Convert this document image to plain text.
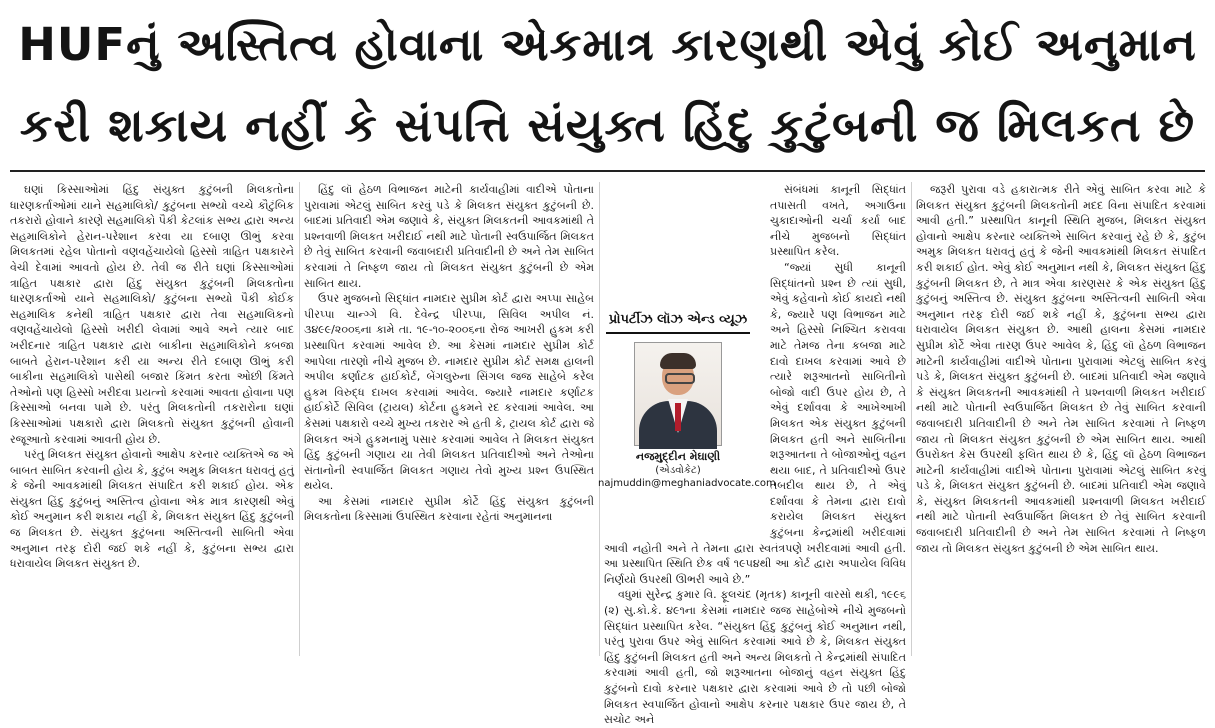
HUFનું અસ્તિત્વ હોવાના એકમાત્ર કારણથી એવું કોઈ અનુમાન
કરી શકાય નહીં કે સંપત્તિ સંયુક્ત હિંદુ કુટુંબની જ મિલકત છે

ઘણાં કિસ્સાઓમાં હિંદુ સંયુક્ત કુટુંબની મિલકતોના ધારણકર્તાઓમાં યાને સહમાલિકો/ કુટુંબના સભ્યો વચ્ચે કૌટુંબિક તકરારો હોવાને કારણે સહમાલિકો પૈકી કેટલાંક સભ્ય દ્વારા અન્ય સહમાલિકોને હેરાન-પરેશાન કરવા યા દબાણ ઊભું કરવા મિલકતમાં રહેલ પોતાનો વણવહેંચાયેલો હિસ્સો ત્રાહિત પક્ષકારને વેચી દેવામાં આવતો હોય છે. તેવી જ રીતે ઘણાં કિસ્સાઓમાં ત્રાહિત પક્ષકાર દ્વારા હિંદુ સંયુક્ત કુટુંબની મિલકતોના ધારણકર્તાઓ યાને સહમાલિકો/ કુટુંબના સભ્યો પૈકી કોઈક સહમાલિક કનેથી ત્રાહિત પક્ષકાર દ્વારા તેવા સહમાલિકનો વણવહેંચાયેલો હિસ્સો ખરીદી લેવામાં આવે અને ત્યાર બાદ ખરીદનાર ત્રાહિત પક્ષકાર દ્વારા બાકીના સહમાલિકોને કબજા બાબતે હેરાન-પરેશાન કરી યા અન્ય રીતે દબાણ ઊભું કરી બાકીના સહમાલિકો પાસેથી બજાર કિંમત કરતા ઓછી કિંમતે તેઓનો પણ હિસ્સો ખરીદવા પ્રયત્નો કરવામાં આવતા હોવાના પણ કિસ્સાઓ બનવા પામે છે. પરંતુ મિલકતોની તકરારોના ઘણાં કિસ્સાઓમાં પક્ષકારો દ્વારા મિલકતો સંયુક્ત કુટુંબની હોવાની રજૂઆતો કરવામાં આવતી હોય છે.

પરંતુ મિલકત સંયુક્ત હોવાનો આક્ષેપ કરનાર વ્યક્તિએ જ એ બાબત સાબિત કરવાની હોય કે, કુટુંબ અમુક મિલકત ધરાવતું હતું કે જેની આવકમાંથી મિલકત સંપાદિત કરી શકાઈ હોય. એક સંયુક્ત હિંદુ કુટુંબનું અસ્તિત્વ હોવાના એક માત્ર કારણથી એવું કોઈ અનુમાન કરી શકાય નહીં કે, મિલકત સંયુક્ત હિંદુ કુટુંબની જ મિલકત છે. સંયુક્ત કુટુંબના અસ્તિત્વની સાબિતી એવા અનુમાન તરફ દોરી જઈ શકે નહીં કે, કુટુંબના સભ્ય દ્વારા ધરાવાયેલ મિલકત સંયુક્ત છે.

હિંદુ લૉ હેઠળ વિભાજન માટેની કાર્યવાહીમાં વાદીએ પોતાના પુરાવામાં એટલું સાબિત કરવું પડે કે મિલકત સંયુક્ત કુટુંબની છે. બાદમાં પ્રતિવાદી એમ જણાવે કે, સંયુક્ત મિલકતની આવકમાંથી તે પ્રશ્નવાળી મિલકત ખરીદાઈ નથી માટે પોતાની સ્વઉપાર્જિત મિલકત છે તેવું સાબિત કરવાની જવાબદારી પ્રતિવાદીની છે અને તેમ સાબિત કરવામાં તે નિષ્ફળ જાય તો મિલકત સંયુક્ત કુટુંબની છે એમ સાબિત થાય.

ઉપર મુજબનો સિદ્ધાંત નામદાર સુપ્રીમ કોર્ટ દ્વારા અપ્પા સાહેબ પીરપ્પા ચાન્ગ્ગે વિ. દેવેન્દ્ર પીરપ્પા, સિવિલ અપીલ નં. ૩૪૯૯/૨૦૦૬ના કામે તા. ૧૯-૧૦-૨૦૦૬ના રોજ આખરી હુકમ કરી પ્રસ્થાપિત કરવામાં આવેલ છે. આ કેસમાં નામદાર સુપ્રીમ કોર્ટ આપેલા તારણો નીચે મુજબ છે. નામદાર સુપ્રીમ કોર્ટ સમક્ષ હાલની અપીલ કર્ણાટક હાઈકોર્ટ, બેંગલુરુના સિંગલ જજ સાહેબે કરેલ હુકમ વિરુદ્ધ દાખલ કરવામાં આવેલ. જ્યારે નામદાર કર્ણાટક હાઈકોર્ટે સિવિલ (ટ્રાયલ) કોર્ટના હુકમને રદ કરવામાં આવેલ. આ કેસમાં પક્ષકારો વચ્ચે મુખ્ય તકરાર એ હતી કે, ટ્રાયલ કોર્ટ દ્વારા જે મિલકત અંગે હુકમનામું પસાર કરવામાં આવેલ તે મિલકત સંયુક્ત હિંદુ કુટુંબની ગણાય યા તેવી મિલકત પ્રતિવાદીઓ અને તેઓના સંતાનોની સ્વપાર્જિત મિલકત ગણાય તેવો મુખ્ય પ્રશ્ન ઉપસ્થિત થયેલ.

આ કેસમાં નામદાર સુપ્રીમ કોર્ટે હિંદુ સંયુક્ત કુટુંબની મિલકતોના કિસ્સામાં ઉપસ્થિત કરવાના રહેતાં અનુમાનના

પ્રોપર્ટીઝ લૉઝ એન્ડ વ્યૂઝ
નજમુદ્દીન મેઘાણી
(એડવોકેટ)
najmuddin@meghaniadvocate.com

સંબંધમાં કાનૂની સિદ્ધાંત તપાસતી વખતે, અગાઉના ચુકાદાઓની ચર્ચા કર્યા બાદ નીચે મુજબનો સિદ્ધાંત પ્રસ્થાપિત કરેલ.

“જ્યાં સુધી કાનૂની સિદ્ધાંતનો પ્રશ્ન છે ત્યાં સુધી, એવું કહેવાનો કોઈ કાયદો નથી કે, જ્યારે પણ વિભાજન માટે અને હિસ્સો નિશ્ચિત કરાવવા માટે તેમજ તેના કબજા માટે દાવો દાખલ કરવામાં આવે છે ત્યારે શરૂઆતનો સાબિતીનો બોજો વાદી ઉપર હોય છે, તે એવું દર્શાવવા કે આખેઆખી મિલકત એક સંયુક્ત કુટુંબની મિલકત હતી અને સાબિતીના શરૂઆતના તે બોજાઓનું વહન થયા બાદ, તે પ્રતિવાદીઓ ઉપર તબદીલ થાય છે, તે એવું દર્શાવવા કે તેમના દ્વારા દાવો કરાયેલ મિલકત સંયુક્ત કુટુંબના કેન્દ્રમાંથી ખરીદવામાં આવી નહોતી અને તે તેમના દ્વારા સ્વતંત્રપણે ખરીદવામાં આવી હતી. આ પ્રસ્થાપિત સ્થિતિ છેક વર્ષ ૧૯૫૪થી આ કોર્ટ દ્વારા અપાયેલ વિવિધ નિર્ણયો ઉપરથી ઊભરી આવે છે.”

વધુમાં સુરેન્દ્ર કુમાર વિ. ફૂલચંદ (મૃતક) કાનૂની વારસો થકી, ૧૯૯૬ (૨) સુ.કો.કે. ૪૯૧ના કેસમાં નામદાર જજ સાહેબોએ નીચે મુજબનો સિદ્ધાંત પ્રસ્થાપિત કરેલ. “સંયુક્ત હિંદુ કુટુંબનું કોઈ અનુમાન નથી, પરંતુ પુરાવા ઉપર એવું સાબિત કરવામાં આવે છે કે, મિલકત સંયુક્ત હિંદુ કુટુંબની મિલકત હતી અને અન્ય મિલકતો તે કેન્દ્રમાંથી સંપાદિત કરવામાં આવી હતી, જો શરૂઆતના બોજાનું વહન સંયુક્ત હિંદુ કુટુંબનો દાવો કરનાર પક્ષકાર દ્વારા કરવામાં આવે છે તો પછી બોજો મિલકત સ્વપાર્જિત હોવાનો આક્ષેપ કરનાર પક્ષકાર ઉપર જાય છે, તે સચોટ અને

જરૂરી પુરાવા વડે હકારાત્મક રીતે એવું સાબિત કરવા માટે કે મિલકત સંયુક્ત કુટુંબની મિલકતોની મદદ વિના સંપાદિત કરવામાં આવી હતી.” પ્રસ્થાપિત કાનૂની સ્થિતિ મુજબ, મિલકત સંયુક્ત હોવાનો આક્ષેપ કરનાર વ્યક્તિએ સાબિત કરવાનું રહે છે કે, કુટુંબ અમુક મિલકત ધરાવતું હતું કે જેની આવકમાંથી મિલકત સંપાદિત કરી શકાઈ હોત. એવું કોઈ અનુમાન નથી કે, મિલકત સંયુક્ત હિંદુ કુટુંબની મિલકત છે, તે માત્ર એવા કારણસર કે એક સંયુક્ત હિંદુ કુટુંબનું અસ્તિત્વ છે. સંયુક્ત કુટુંબના અસ્તિત્વની સાબિતી એવા અનુમાન તરફ દોરી જઈ શકે નહીં કે, કુટુંબના સભ્ય દ્વારા ધરાવાયેલ મિલકત સંયુક્ત છે. આથી હાલના કેસમાં નામદાર સુપ્રીમ કોર્ટે એવા તારણ ઉપર આવેલ કે, હિંદુ લૉ હેઠળ વિભાજન માટેની કાર્યવાહીમાં વાદીએ પોતાના પુરાવામાં એટલું સાબિત કરવું પડે કે, મિલકત સંયુક્ત કુટુંબની છે. બાદમાં પ્રતિવાદી એમ જણાવે કે સંયુક્ત મિલકતની આવકમાંથી તે પ્રશ્નવાળી મિલકત ખરીદાઈ નથી માટે પોતાની સ્વઉપાર્જિત મિલકત છે તેવું સાબિત કરવાની જવાબદારી પ્રતિવાદીની છે અને તેમ સાબિત કરવામાં તે નિષ્ફળ જાય તો મિલકત સંયુક્ત કુટુંબની છે એમ સાબિત થાય. આથી ઉપરોક્ત કેસ ઉપરથી ફલિત થાય છે કે, હિંદુ લૉ હેઠળ વિભાજન માટેની કાર્યવાહીમાં વાદીએ પોતાના પુરાવામાં એટલું સાબિત કરવું પડે કે, મિલકત સંયુક્ત કુટુંબની છે. બાદમાં પ્રતિવાદી એમ જણાવે કે, સંયુક્ત મિલકતની આવકમાંથી પ્રશ્નવાળી મિલકત ખરીદાઈ નથી માટે પોતાની સ્વઉપાર્જિત મિલકત છે તેવું સાબિત કરવાની જવાબદારી પ્રતિવાદીની છે અને તેમ સાબિત કરવામાં તે નિષ્ફળ જાય તો મિલકત સંયુક્ત કુટુંબની છે એમ સાબિત થાય.
